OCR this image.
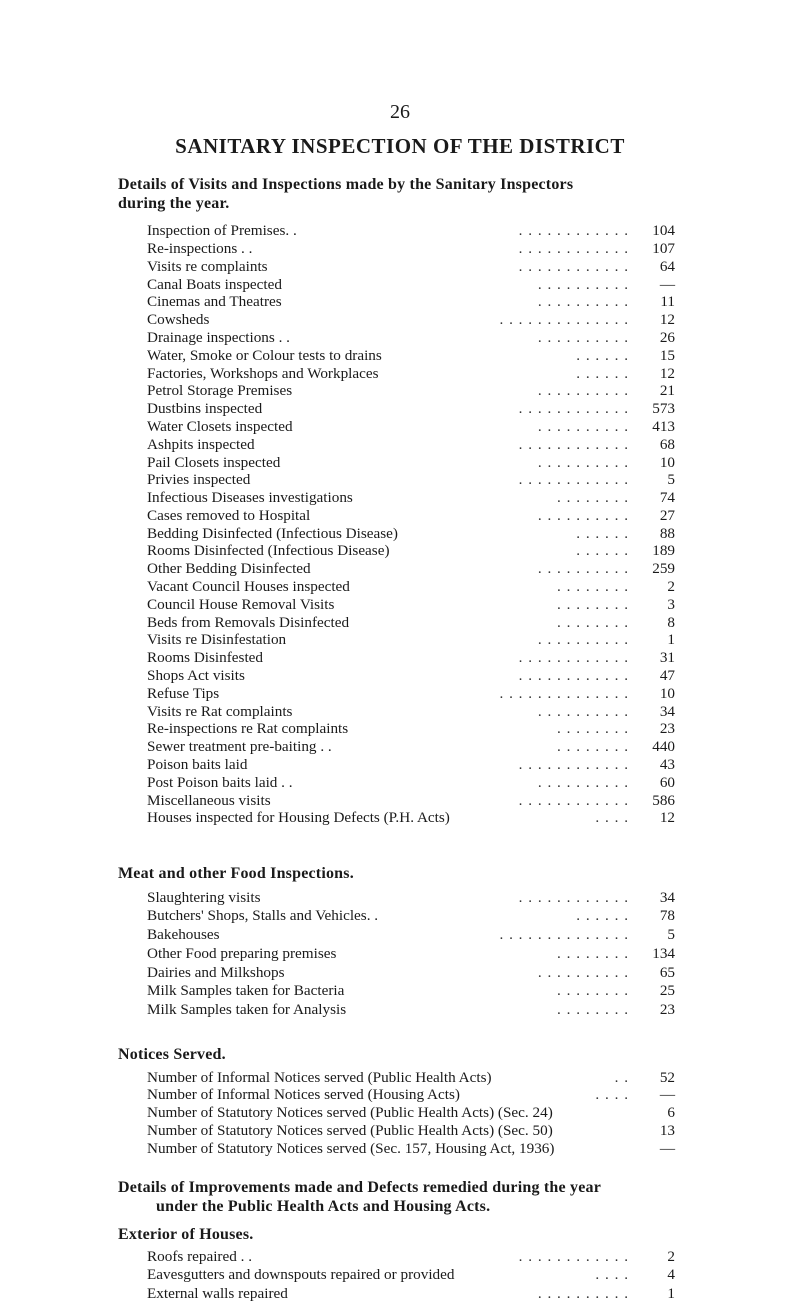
26
SANITARY INSPECTION OF THE DISTRICT
Details of Visits and Inspections made by the Sanitary Inspectors
during the year.
Inspection of Premises. .	. . . . . . . . . . . .	104
Re-inspections . .	. . . . . . . . . . . .	107
Visits re complaints	. . . . . . . . . . . .	64
Canal Boats inspected	. . . . . . . . . .	—
Cinemas and Theatres	. . . . . . . . . .	11
Cowsheds	. . . . . . . . . . . . . .	12
Drainage inspections . .	. . . . . . . . . .	26
Water, Smoke or Colour tests to drains	. . . . . .	15
Factories, Workshops and Workplaces	. . . . . .	12
Petrol Storage Premises	. . . . . . . . . .	21
Dustbins inspected	. . . . . . . . . . . .	573
Water Closets inspected	. . . . . . . . . .	413
Ashpits inspected	. . . . . . . . . . . .	68
Pail Closets inspected	. . . . . . . . . .	10
Privies inspected	. . . . . . . . . . . .	5
Infectious Diseases investigations	. . . . . . . .	74
Cases removed to Hospital	. . . . . . . . . .	27
Bedding Disinfected (Infectious Disease)	. . . . . .	88
Rooms Disinfected (Infectious Disease)	. . . . . .	189
Other Bedding Disinfected	. . . . . . . . . .	259
Vacant Council Houses inspected	. . . . . . . .	2
Council House Removal Visits	. . . . . . . .	3
Beds from Removals Disinfected	. . . . . . . .	8
Visits re Disinfestation	. . . . . . . . . .	1
Rooms Disinfested	. . . . . . . . . . . .	31
Shops Act visits	. . . . . . . . . . . .	47
Refuse Tips	. . . . . . . . . . . . . .	10
Visits re Rat complaints	. . . . . . . . . .	34
Re-inspections re Rat complaints	. . . . . . . .	23
Sewer treatment pre-baiting . .	. . . . . . . .	440
Poison baits laid	. . . . . . . . . . . .	43
Post Poison baits laid . .	. . . . . . . . . .	60
Miscellaneous visits	. . . . . . . . . . . .	586
Houses inspected for Housing Defects (P.H. Acts)	. . . .	12
Meat and other Food Inspections.
Slaughtering visits	. . . . . . . . . . . .	34
Butchers' Shops, Stalls and Vehicles. .	. . . . . .	78
Bakehouses	. . . . . . . . . . . . . .	5
Other Food preparing premises	. . . . . . . .	134
Dairies and Milkshops	. . . . . . . . . .	65
Milk Samples taken for Bacteria	. . . . . . . .	25
Milk Samples taken for Analysis	. . . . . . . .	23
Notices Served.
Number of Informal Notices served (Public Health Acts)	. .	52
Number of Informal Notices served (Housing Acts)	. . . .	—
Number of Statutory Notices served (Public Health Acts) (Sec. 24)	6
Number of Statutory Notices served (Public Health Acts) (Sec. 50)	13
Number of Statutory Notices served (Sec. 157, Housing Act, 1936)	—
Details of Improvements made and Defects remedied during the year
under the Public Health Acts and Housing Acts.
Exterior of Houses.
Roofs repaired . .	. . . . . . . . . . . .	2
Eavesgutters and downspouts repaired or provided	. . . .	4
External walls repaired	. . . . . . . . . .	1
